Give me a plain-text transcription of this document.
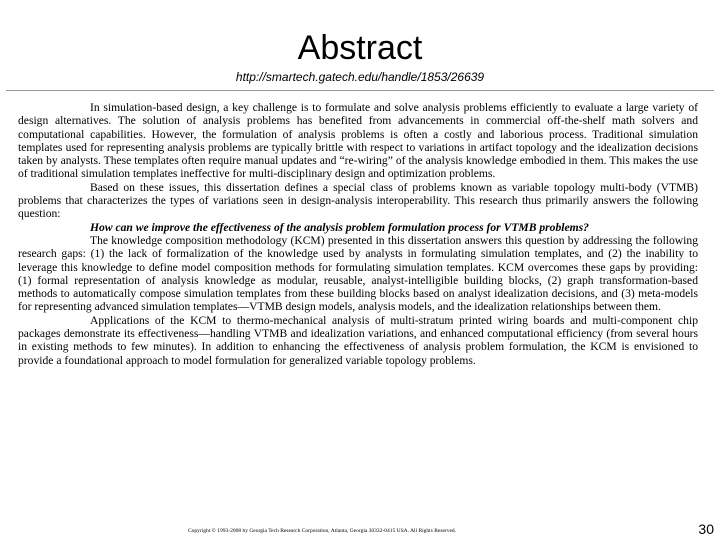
Abstract
http://smartech.gatech.edu/handle/1853/26639

In simulation-based design, a key challenge is to formulate and solve analysis problems efficiently to evaluate a large variety of design alternatives. The solution of analysis problems has benefited from advancements in commercial off-the-shelf math solvers and computational capabilities. However, the formulation of analysis problems is often a costly and laborious process. Traditional simulation templates used for representing analysis problems are typically brittle with respect to variations in artifact topology and the idealization decisions taken by analysts. These templates often require manual updates and “re-wiring” of the analysis knowledge embodied in them. This makes the use of traditional simulation templates ineffective for multi-disciplinary design and optimization problems.

Based on these issues, this dissertation defines a special class of problems known as variable topology multi-body (VTMB) problems that characterizes the types of variations seen in design-analysis interoperability. This research thus primarily answers the following question:

How can we improve the effectiveness of the analysis problem formulation process for VTMB problems?

The knowledge composition methodology (KCM) presented in this dissertation answers this question by addressing the following research gaps: (1) the lack of formalization of the knowledge used by analysts in formulating simulation templates, and (2) the inability to leverage this knowledge to define model composition methods for formulating simulation templates. KCM overcomes these gaps by providing: (1) formal representation of analysis knowledge as modular, reusable, analyst-intelligible building blocks, (2) graph transformation-based methods to automatically compose simulation templates from these building blocks based on analyst idealization decisions, and (3) meta-models for representing advanced simulation templates—VTMB design models, analysis models, and the idealization relationships between them.

Applications of the KCM to thermo-mechanical analysis of multi-stratum printed wiring boards and multi-component chip packages demonstrate its effectiveness—handling VTMB and idealization variations, and enhanced computational efficiency (from several hours in existing methods to few minutes). In addition to enhancing the effectiveness of analysis problem formulation, the KCM is envisioned to provide a foundational approach to model formulation for generalized variable topology problems.

Copyright © 1993-2008 by Georgia Tech Research Corporation, Atlanta, Georgia 30332-0415 USA. All Rights Reserved.	30
